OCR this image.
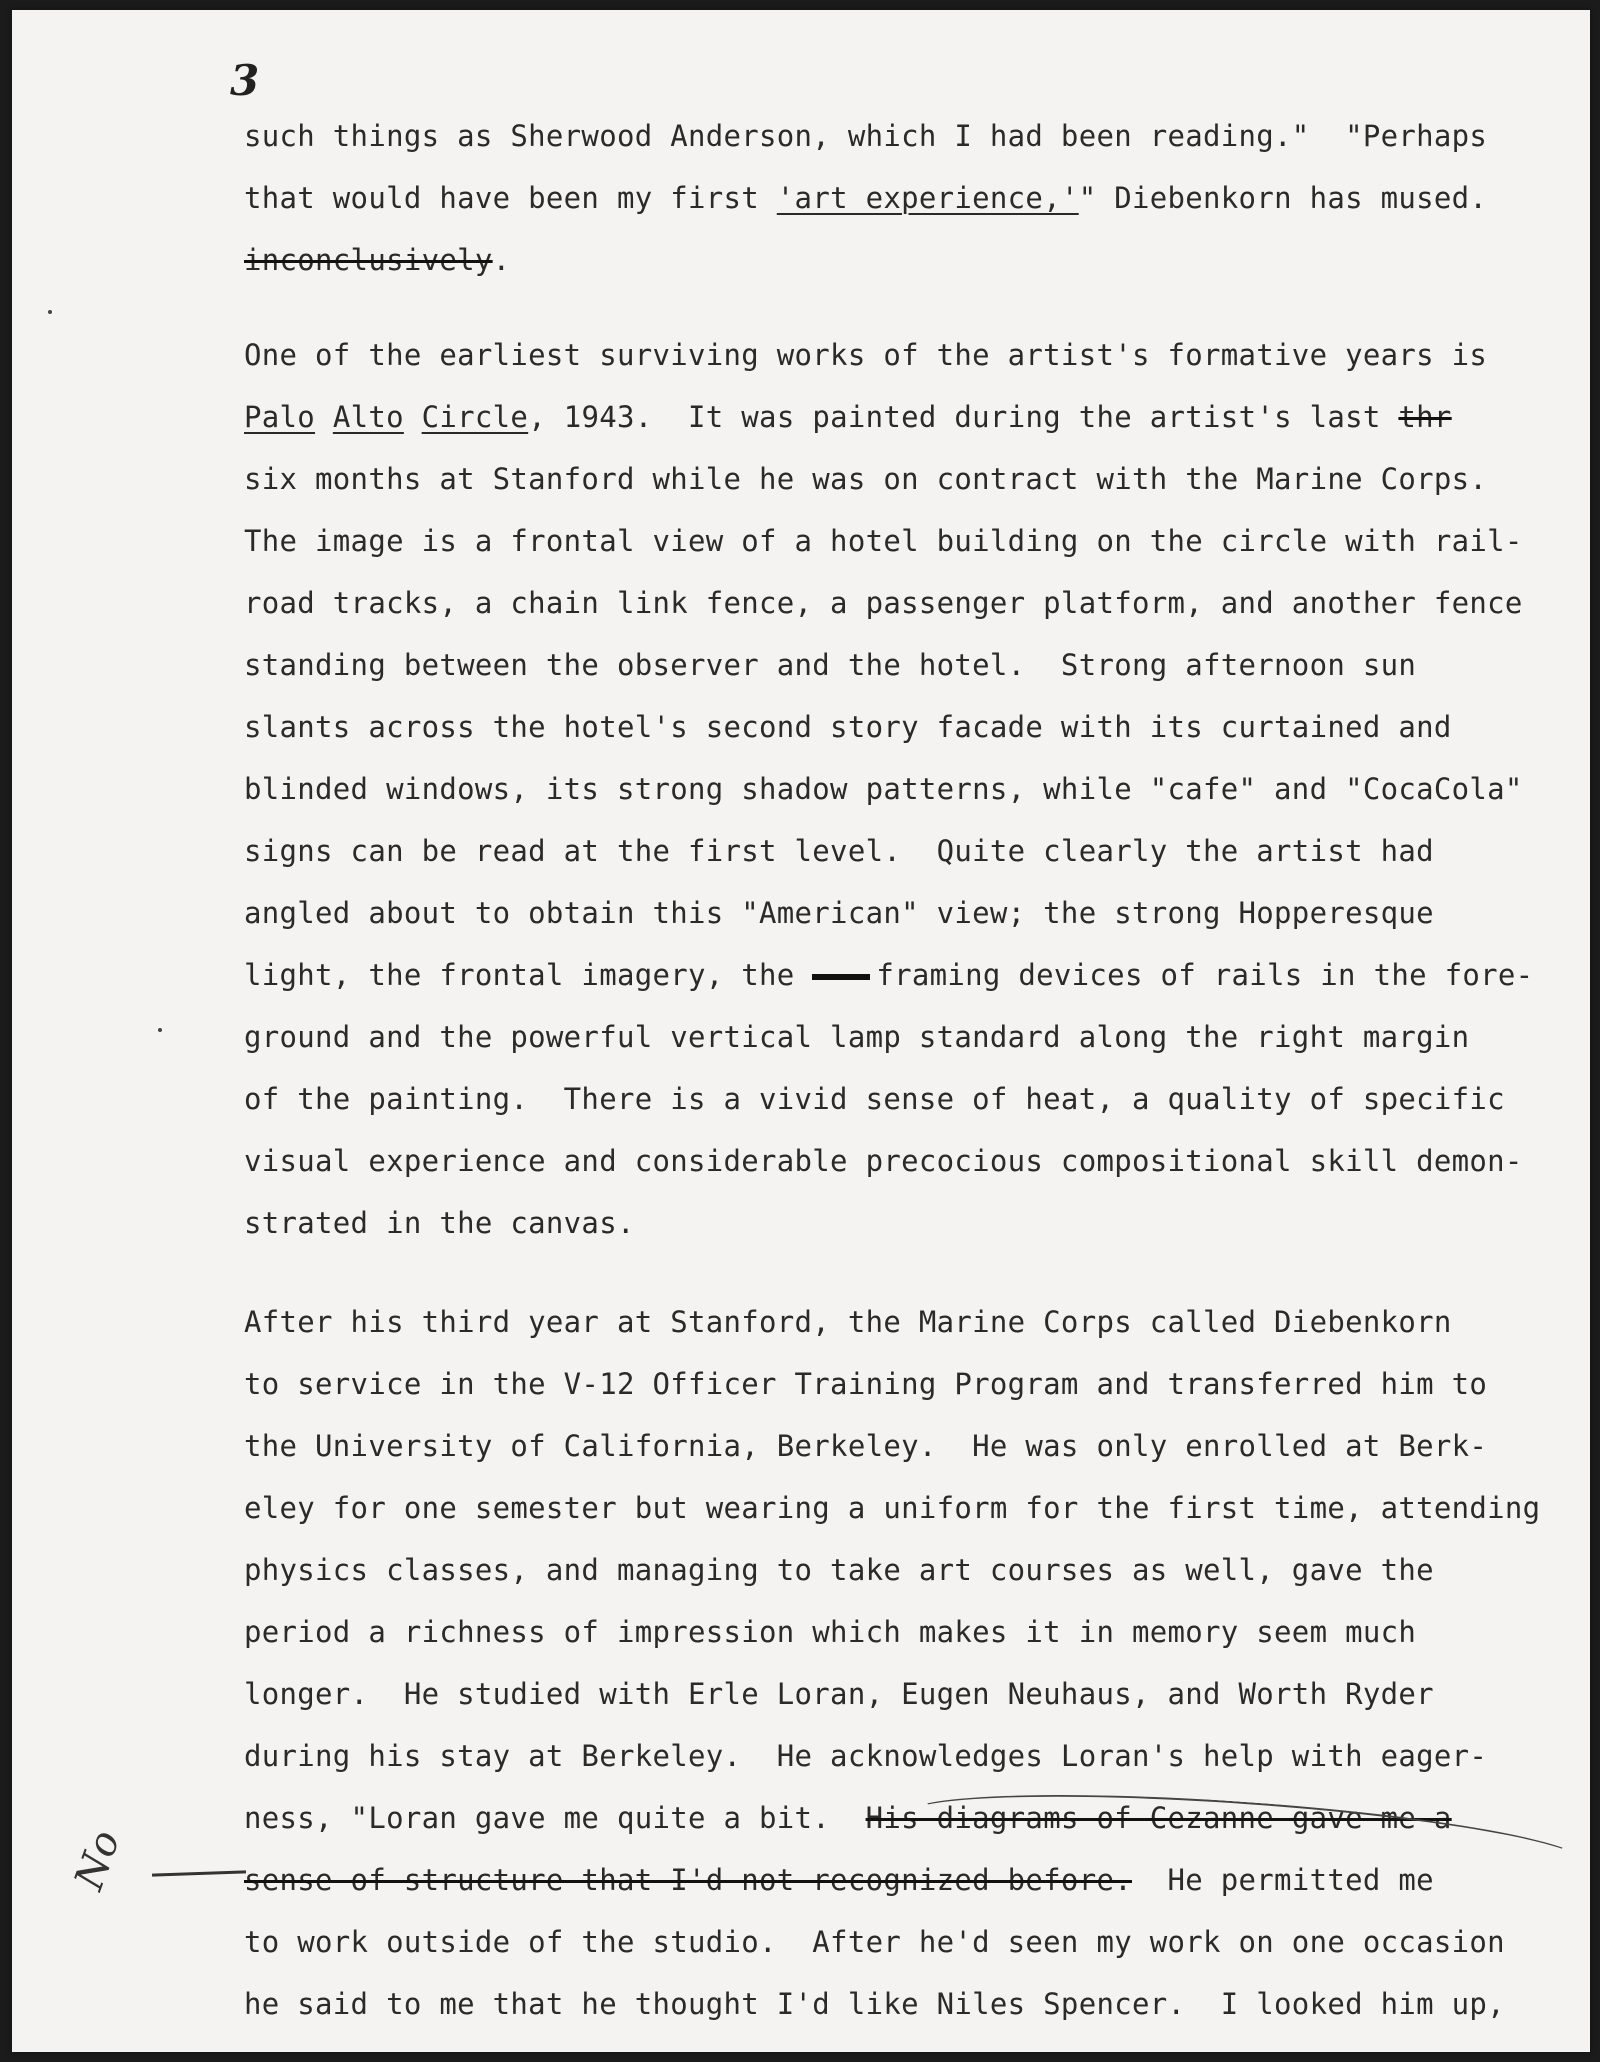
3
such things as Sherwood Anderson, which I had been reading."  "Perhaps
that would have been my first 'art experience,'" Diebenkorn has mused.
inconclusively.
One of the earliest surviving works of the artist's formative years is
Palo Alto Circle, 1943.  It was painted during the artist's last thr
six months at Stanford while he was on contract with the Marine Corps.
The image is a frontal view of a hotel building on the circle with rail-
road tracks, a chain link fence, a passenger platform, and another fence
standing between the observer and the hotel.  Strong afternoon sun
slants across the hotel's second story facade with its curtained and
blinded windows, its strong shadow patterns, while "cafe" and "CocaCola"
signs can be read at the first level.  Quite clearly the artist had
angled about to obtain this "American" view; the strong Hopperesque
light, the frontal imagery, the framing devices of rails in the fore-
ground and the powerful vertical lamp standard along the right margin
of the painting.  There is a vivid sense of heat, a quality of specific
visual experience and considerable precocious compositional skill demon-
strated in the canvas.
After his third year at Stanford, the Marine Corps called Diebenkorn
to service in the V-12 Officer Training Program and transferred him to
the University of California, Berkeley.  He was only enrolled at Berk-
eley for one semester but wearing a uniform for the first time, attending
physics classes, and managing to take art courses as well, gave the
period a richness of impression which makes it in memory seem much
longer.  He studied with Erle Loran, Eugen Neuhaus, and Worth Ryder
during his stay at Berkeley.  He acknowledges Loran's help with eager-
ness, "Loran gave me quite a bit.  His diagrams of Cezanne gave me a
sense of structure that I'd not recognized before.  He permitted me
to work outside of the studio.  After he'd seen my work on one occasion
he said to me that he thought I'd like Niles Spencer.  I looked him up,
No
